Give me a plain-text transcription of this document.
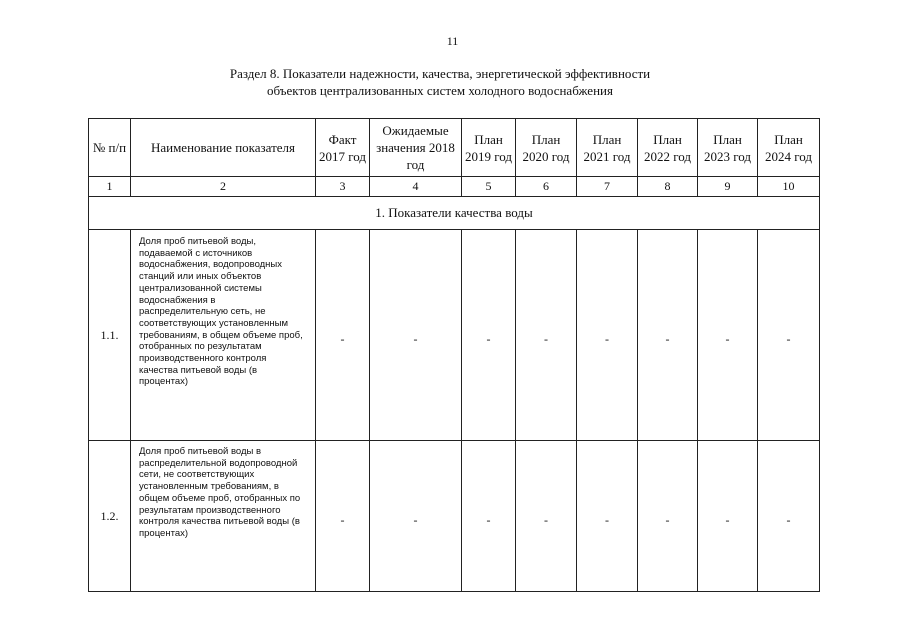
11
Раздел 8. Показатели надежности, качества, энергетической эффективности
объектов централизованных систем холодного водоснабжения
№ п/п	Наименование показателя	Факт 2017 год	Ожидаемые значения 2018 год	План 2019 год	План 2020 год	План 2021 год	План 2022 год	План 2023 год	План 2024 год

1	2	3	4	5	6	7	8	9	10
1. Показатели качества воды									
1.1.	Доля проб питьевой воды, подаваемой с источников водоснабжения, водопроводных станций или иных объектов централизованной системы водоснабжения в распределительную сеть, не соответствующих установленным требованиям, в общем объеме проб, отобранных по результатам производственного контроля качества питьевой воды (в процентах)	-	-	-	-	-	-	-	-
1.2.	Доля проб питьевой воды в распределительной водопроводной сети, не соответствующих установленным требованиям, в общем объеме проб, отобранных по результатам производственного контроля качества питьевой воды (в процентах)	-	-	-	-	-	-	-	-
